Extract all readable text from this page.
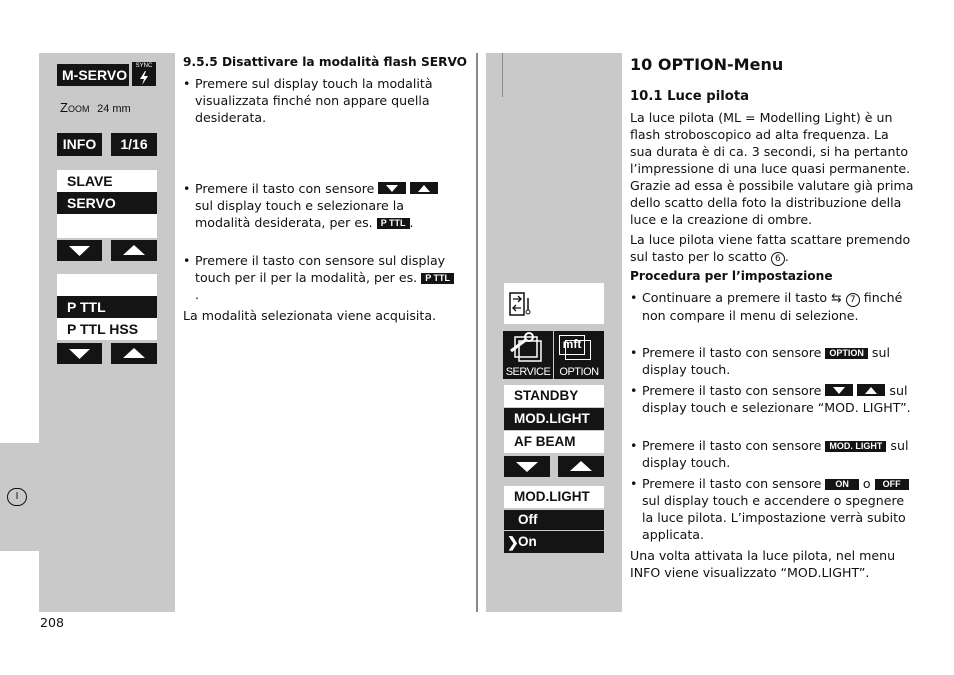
I
M-SERVO
SYNC
Zoom 24 mm
INFO	1/16
SLAVE
SERVO
P TTL
P TTL HSS
9.5.5 Disattivare la modalità flash SERVO
• Premere sul display touch la modalità visualizzata finché non appare quella desiderata.
• Premere il tasto con sensore

sul display touch e selezionare la modalità desiderata, per es. P TTL .
• Premere il tasto con sensore sul display touch per il per la modalità, per es. P TTL.
La modalità selezionata viene acquisita.
SERVICE
mft
OPTION
STANDBY
MOD.LIGHT
AF BEAM
MOD.LIGHT
Off
❯ On
10 OPTION-Menu
10.1 Luce pilota
La luce pilota (ML = Modelling Light) è un flash stroboscopico ad alta frequenza. La sua durata è di ca. 3 secondi, si ha pertanto l’impressione di una luce quasi permanente. Grazie ad essa è possibile valutare già prima dello scatto della foto la distribuzione della luce e la creazione di ombre.
La luce pilota viene fatta scattare premendo sul tasto per lo scatto 6 .
Procedura per l’impostazione
• Continuare a premere il tasto ⇆ 7 finché non compare il menu di selezione.
• Premere il tasto con sensore OPTION sul display touch.
• Premere il tasto con sensore
	sul display touch e selezionare “MOD. LIGHT”.
• Premere il tasto con sensore MOD. LIGHT sul display touch.
• Premere il tasto con sensore ON o OFF sul display touch e accendere o spegnere la luce pilota. L’impostazione verrà subito applicata.
Una volta attivata la luce pilota, nel menu INFO viene visualizzato “MOD.LIGHT”.
208
